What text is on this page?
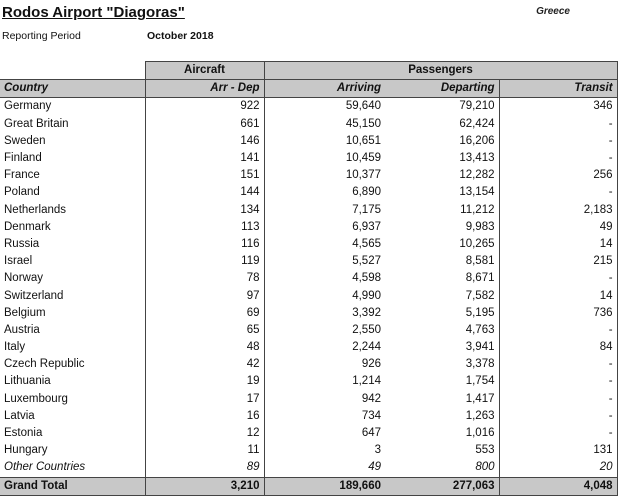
Rodos Airport "Diagoras"	Greece
Reporting Period	October 2018
	Aircraft	Passengers		
Country	Arr - Dep	Arriving	Departing	Transit
Germany	922	59,640	79,210	346
Great Britain	661	45,150	62,424	-
Sweden	146	10,651	16,206	-
Finland	141	10,459	13,413	-
France	151	10,377	12,282	256
Poland	144	6,890	13,154	-
Netherlands	134	7,175	11,212	2,183
Denmark	113	6,937	9,983	49
Russia	116	4,565	10,265	14
Israel	119	5,527	8,581	215
Norway	78	4,598	8,671	-
Switzerland	97	4,990	7,582	14
Belgium	69	3,392	5,195	736
Austria	65	2,550	4,763	-
Italy	48	2,244	3,941	84
Czech Republic	42	926	3,378	-
Lithuania	19	1,214	1,754	-
Luxembourg	17	942	1,417	-
Latvia	16	734	1,263	-
Estonia	12	647	1,016	-
Hungary	11	3	553	131
Other Countries	89	49	800	20
Grand Total	3,210	189,660	277,063	4,048
